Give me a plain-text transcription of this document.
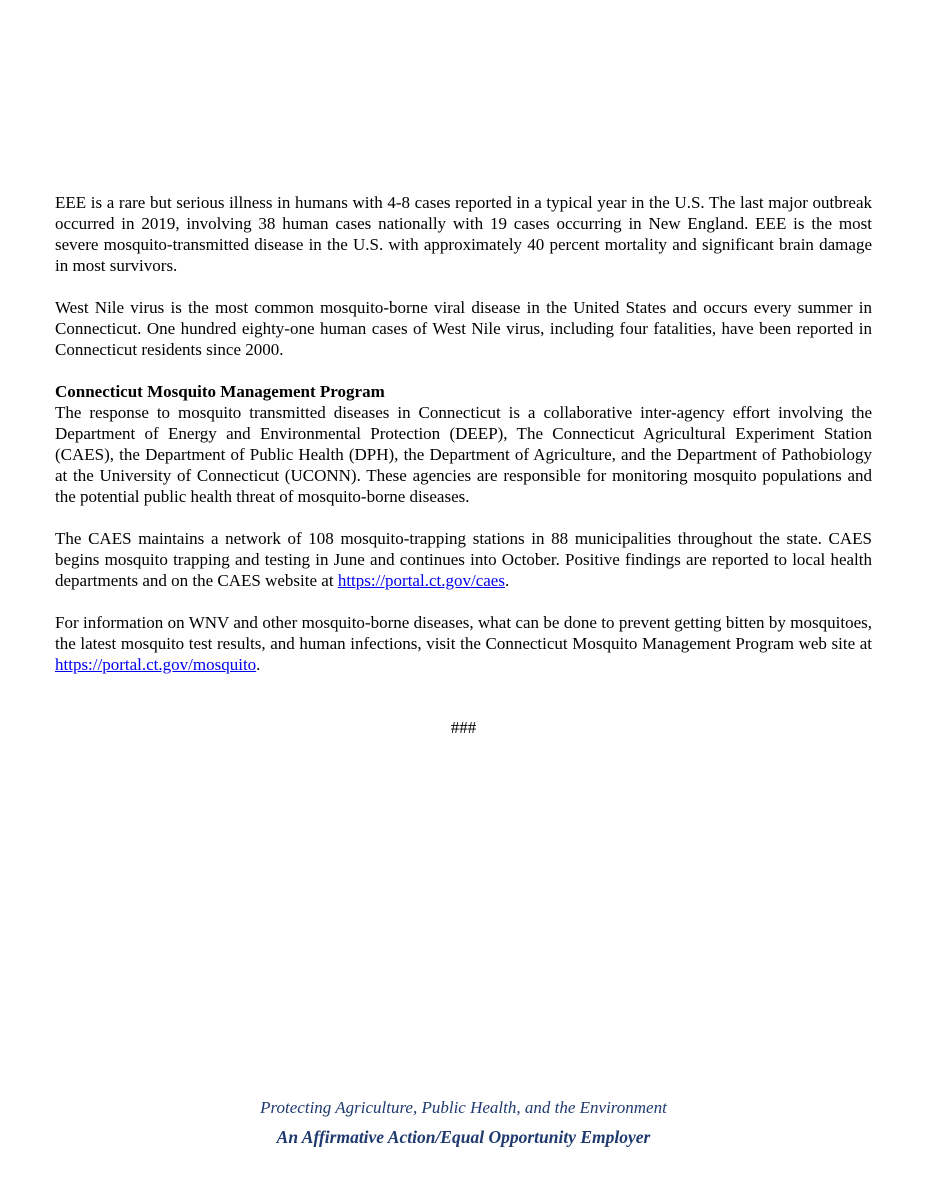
EEE is a rare but serious illness in humans with 4-8 cases reported in a typical year in the U.S. The last major outbreak occurred in 2019, involving 38 human cases nationally with 19 cases occurring in New England. EEE is the most severe mosquito-transmitted disease in the U.S. with approximately 40 percent mortality and significant brain damage in most survivors.

West Nile virus is the most common mosquito-borne viral disease in the United States and occurs every summer in Connecticut. One hundred eighty-one human cases of West Nile virus, including four fatalities, have been reported in Connecticut residents since 2000.

Connecticut Mosquito Management Program

The response to mosquito transmitted diseases in Connecticut is a collaborative inter-agency effort involving the Department of Energy and Environmental Protection (DEEP), The Connecticut Agricultural Experiment Station (CAES), the Department of Public Health (DPH), the Department of Agriculture, and the Department of Pathobiology at the University of Connecticut (UCONN). These agencies are responsible for monitoring mosquito populations and the potential public health threat of mosquito-borne diseases.

The CAES maintains a network of 108 mosquito-trapping stations in 88 municipalities throughout the state. CAES begins mosquito trapping and testing in June and continues into October. Positive findings are reported to local health departments and on the CAES website at https://portal.ct.gov/caes.

For information on WNV and other mosquito-borne diseases, what can be done to prevent getting bitten by mosquitoes, the latest mosquito test results, and human infections, visit the Connecticut Mosquito Management Program web site at https://portal.ct.gov/mosquito.

###
Protecting Agriculture, Public Health, and the Environment
An Affirmative Action/Equal Opportunity Employer
